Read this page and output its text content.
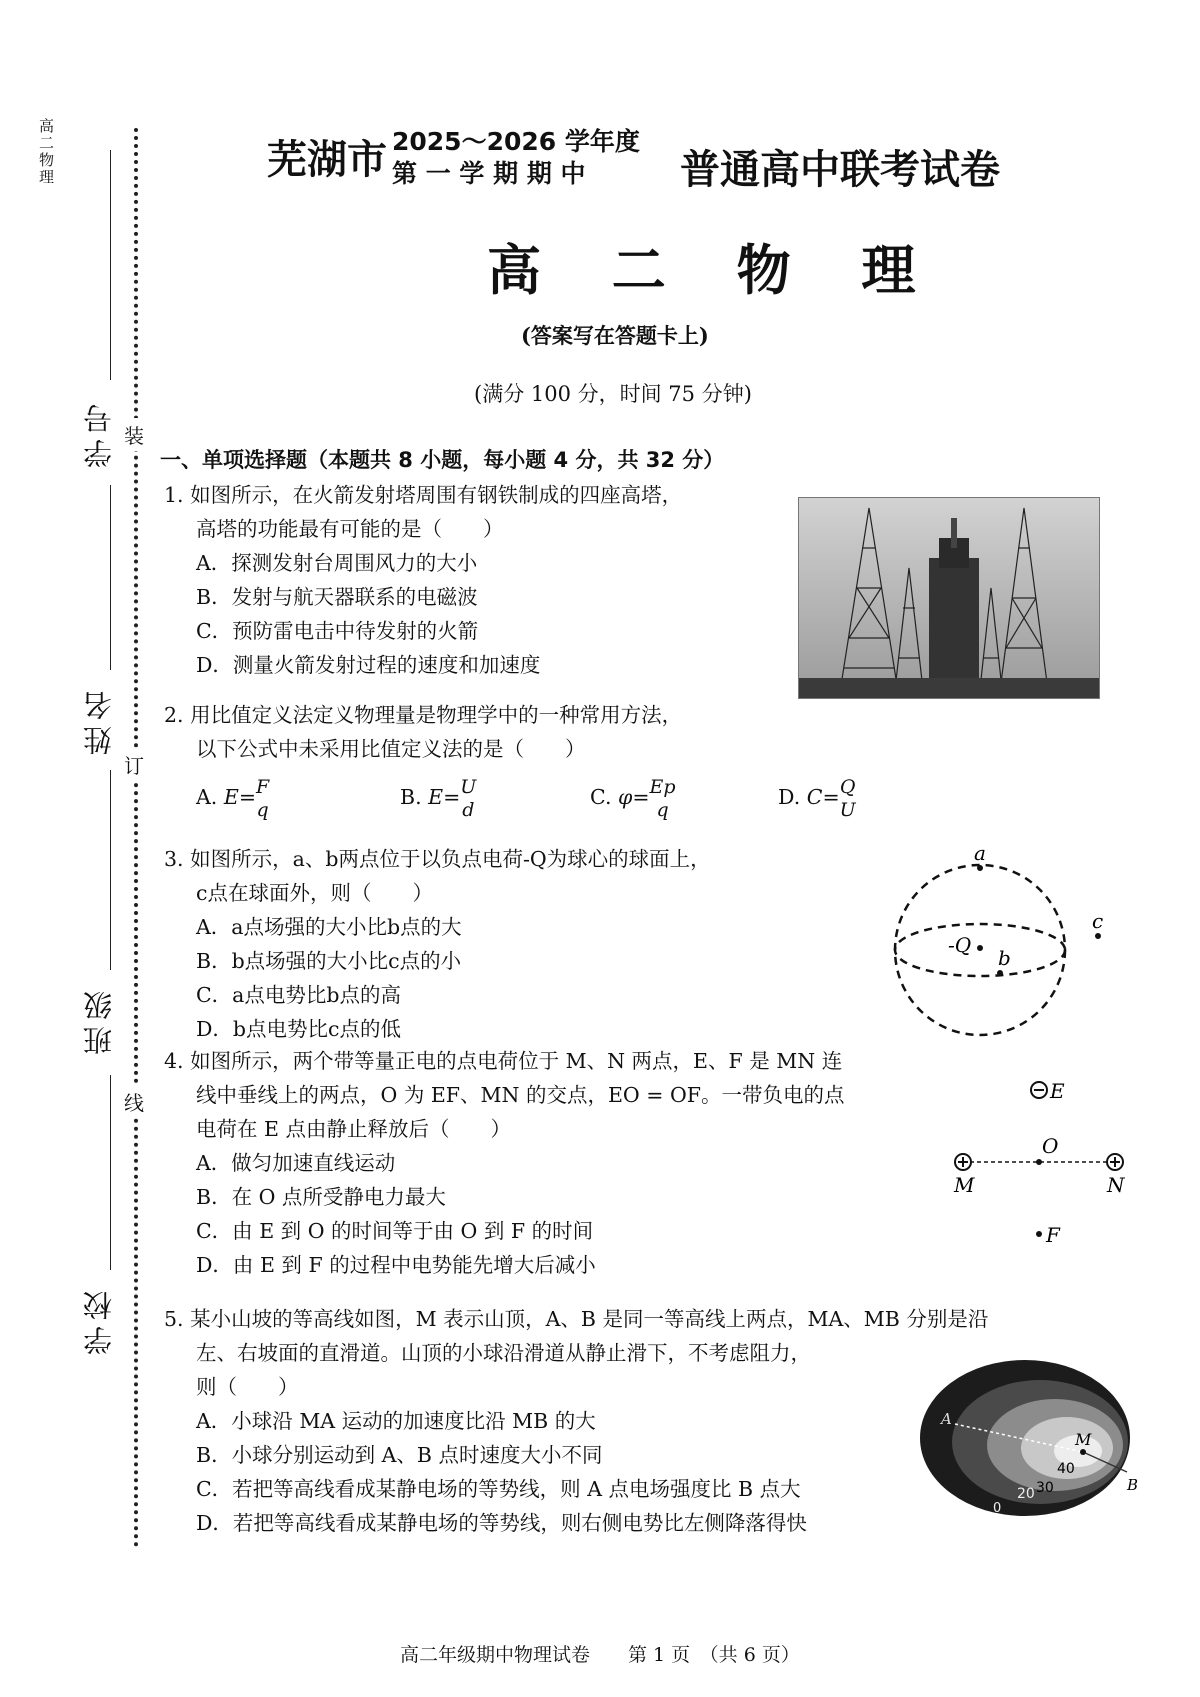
高二物理
学号
姓名
班级
学校
装
订
线
芜湖市 2025～2026 学年度
第 一 学 期 期 中 普通高中联考试卷
高 二 物 理
(答案写在答题卡上)
(满分 100 分，时间 75 分钟)
一、单项选择题（本题共 8 小题，每小题 4 分，共 32 分）
1. 如图所示，在火箭发射塔周围有钢铁制成的四座高塔，
高塔的功能最有可能的是（　　）
A．探测发射台周围风力的大小
B．发射与航天器联系的电磁波
C．预防雷电击中待发射的火箭
D．测量火箭发射过程的速度和加速度
2. 用比值定义法定义物理量是物理学中的一种常用方法，
以下公式中未采用比值定义法的是（　　）
A. E= F
q
B. E= U
d
C. φ= Ep
q
D. C= Q
U
3. 如图所示，a、b两点位于以负点电荷-Q为球心的球面上，
c点在球面外，则（　　）
A．a点场强的大小比b点的大
B．b点场强的大小比c点的小
C．a点电势比b点的高
D．b点电势比c点的低
a
b
c
-Q
4. 如图所示，两个带等量正电的点电荷位于 M、N 两点，E、F 是 MN 连
线中垂线上的两点，O 为 EF、MN 的交点，EO = OF。一带负电的点
电荷在 E 点由静止释放后（　　）
A．做匀加速直线运动
B．在 O 点所受静电力最大
C．由 E 到 O 的时间等于由 O 到 F 的时间
D．由 E 到 F 的过程中电势能先增大后减小
E
O
M	N
F
5. 某小山坡的等高线如图，M 表示山顶，A、B 是同一等高线上两点，MA、MB 分别是沿
左、右坡面的直滑道。山顶的小球沿滑道从静止滑下，不考虑阻力，
则（　　）
A．小球沿 MA 运动的加速度比沿 MB 的大
B．小球分别运动到 A、B 点时速度大小不同
C．若把等高线看成某静电场的等势线，则 A 点电场强度比 B 点大
D．若把等高线看成某静电场的等势线，则右侧电势比左侧降落得快
A
M
40
30
20	B
0
高二年级期中物理试卷　　第 1 页　（共 6 页）
